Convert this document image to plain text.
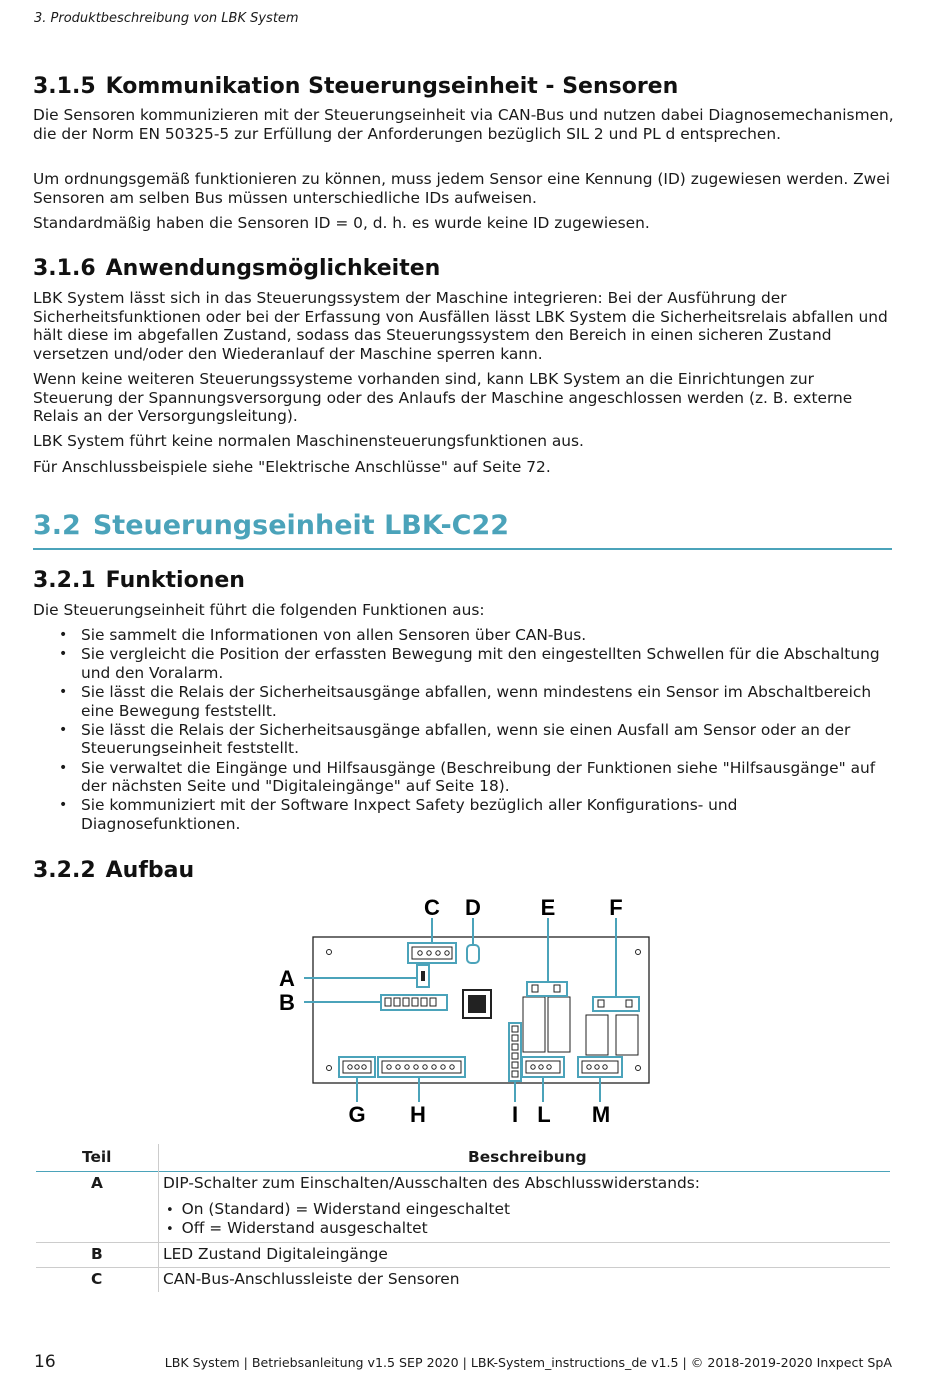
3. Produktbeschreibung von LBK System
3.1.5 Kommunikation Steuerungseinheit - Sensoren

Die Sensoren kommunizieren mit der Steuerungseinheit via CAN-Bus und nutzen dabei Diagnosemechanismen, die der Norm EN 50325-5 zur Erfüllung der Anforderungen bezüglich SIL 2 und PL d entsprechen.

Um ordnungsgemäß funktionieren zu können, muss jedem Sensor eine Kennung (ID) zugewiesen werden. Zwei Sensoren am selben Bus müssen unterschiedliche IDs aufweisen.

Standardmäßig haben die Sensoren ID = 0, d. h. es wurde keine ID zugewiesen.

3.1.6 Anwendungsmöglichkeiten

LBK System lässt sich in das Steuerungssystem der Maschine integrieren: Bei der Ausführung der Sicherheitsfunktionen oder bei der Erfassung von Ausfällen lässt LBK System die Sicherheitsrelais abfallen und hält diese im abgefallen Zustand, sodass das Steuerungssystem den Bereich in einen sicheren Zustand versetzen und/oder den Wiederanlauf der Maschine sperren kann.

Wenn keine weiteren Steuerungssysteme vorhanden sind, kann LBK System an die Einrichtungen zur Steuerung der Spannungsversorgung oder des Anlaufs der Maschine angeschlossen werden (z. B. externe Relais an der Versorgungsleitung).

LBK System führt keine normalen Maschinensteuerungsfunktionen aus.

Für Anschlussbeispiele siehe "Elektrische Anschlüsse" auf Seite 72.

3.2 Steuerungseinheit LBK-C22
3.2.1 Funktionen

Die Steuerungseinheit führt die folgenden Funktionen aus:

• Sie sammelt die Informationen von allen Sensoren über CAN-Bus.
• Sie vergleicht die Position der erfassten Bewegung mit den eingestellten Schwellen für die Abschaltung und den Voralarm.
• Sie lässt die Relais der Sicherheitsausgänge abfallen, wenn mindestens ein Sensor im Abschaltbereich eine Bewegung feststellt.
• Sie lässt die Relais der Sicherheitsausgänge abfallen, wenn sie einen Ausfall am Sensor oder an der Steuerungseinheit feststellt.
• Sie verwaltet die Eingänge und Hilfsausgänge (Beschreibung der Funktionen siehe "Hilfsausgänge" auf der nächsten Seite und "Digitaleingänge" auf Seite 18).
• Sie kommuniziert mit der Software Inxpect Safety bezüglich aller Konfigurations- und Diagnosefunktionen.
3.2.2 Aufbau
C D	E F
A
B
G H	I L M
Teil	Beschreibung
A	DIP-Schalter zum Einschalten/Ausschalten des Abschlusswiderstands:
• On (Standard) = Widerstand eingeschaltet
• Off = Widerstand ausgeschaltet
B	LED Zustand Digitaleingänge
C	CAN-Bus-Anschlussleiste der Sensoren
16	LBK System | Betriebsanleitung v1.5 SEP 2020 | LBK-System_instructions_de v1.5 | © 2018-2019-2020 Inxpect SpA
